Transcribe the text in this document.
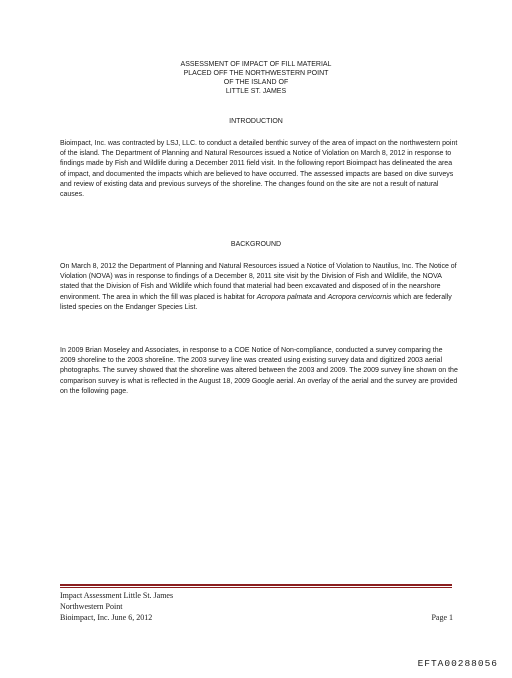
ASSESSMENT OF IMPACT OF FILL MATERIAL
PLACED OFF THE NORTHWESTERN POINT
OF THE ISLAND OF
LITTLE ST. JAMES
INTRODUCTION

Bioimpact, Inc. was contracted by LSJ, LLC. to conduct a detailed benthic survey of the area of impact on the northwestern point of the island. The Department of Planning and Natural Resources issued a Notice of Violation on March 8, 2012 in response to findings made by Fish and Wildlife during a December 2011 field visit. In the following report Bioimpact has delineated the area of impact, and documented the impacts which are believed to have occurred. The assessed impacts are based on dive surveys and review of existing data and previous surveys of the shoreline. The changes found on the site are not a result of natural causes.

BACKGROUND

On March 8, 2012 the Department of Planning and Natural Resources issued a Notice of Violation to Nautilus, Inc. The Notice of Violation (NOVA) was in response to findings of a December 8, 2011 site visit by the Division of Fish and Wildlife, the NOVA stated that the Division of Fish and Wildlife which found that material had been excavated and disposed of in the nearshore environment. The area in which the fill was placed is habitat for Acropora palmata and Acropora cervicornis which are federally listed species on the Endanger Species List.

In 2009 Brian Moseley and Associates, in response to a COE Notice of Non-compliance, conducted a survey comparing the 2009 shoreline to the 2003 shoreline. The 2003 survey line was created using existing survey data and digitized 2003 aerial photographs. The survey showed that the shoreline was altered between the 2003 and 2009. The 2009 survey line shown on the comparison survey is what is reflected in the August 18, 2009 Google aerial. An overlay of the aerial and the survey are provided on the following page.

Impact Assessment Little St. James
Northwestern Point
Bioimpact, Inc. June 6, 2012	Page 1
EFTA00288056
